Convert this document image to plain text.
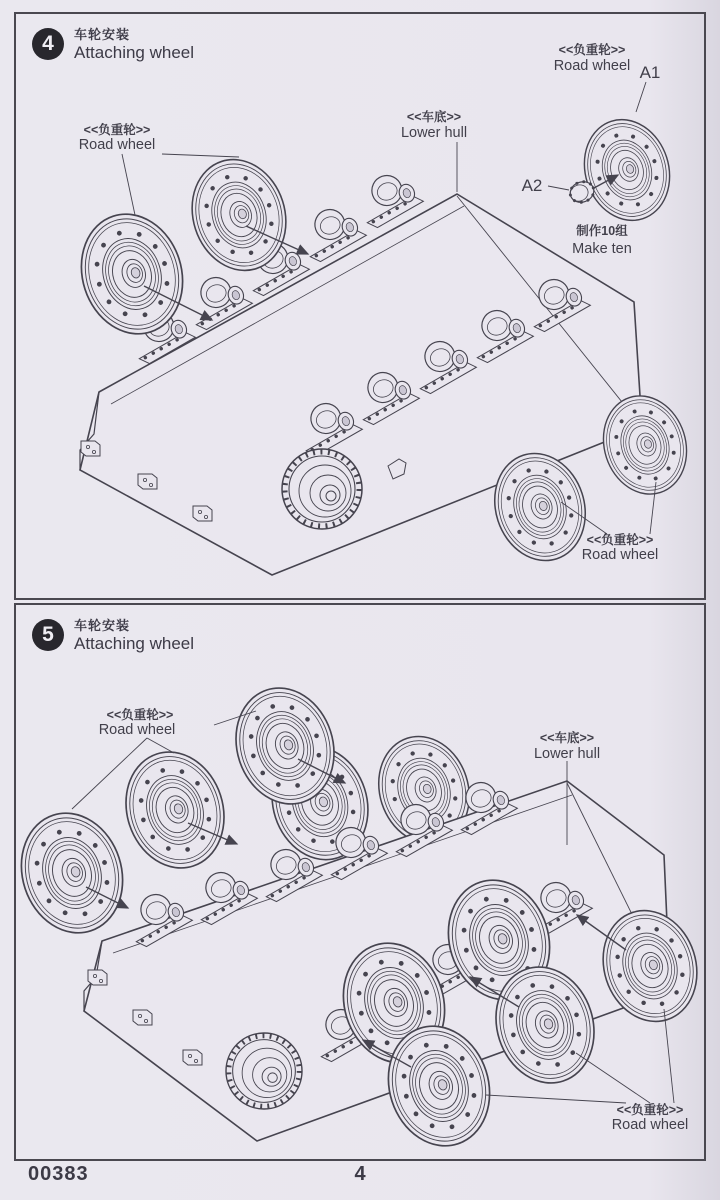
4	车轮安装
Attaching wheel
<<负重轮>>
Road wheel
<<负重轮>>
Road wheel
<<车底>>
Lower hull
A1
A2
制作10组
Make ten
<<负重轮>>
Road wheel
5	车轮安装
Attaching wheel
<<负重轮>>
Road wheel	<<车底>>
Lower hull
<<负重轮>>
Road wheel
00383	4
